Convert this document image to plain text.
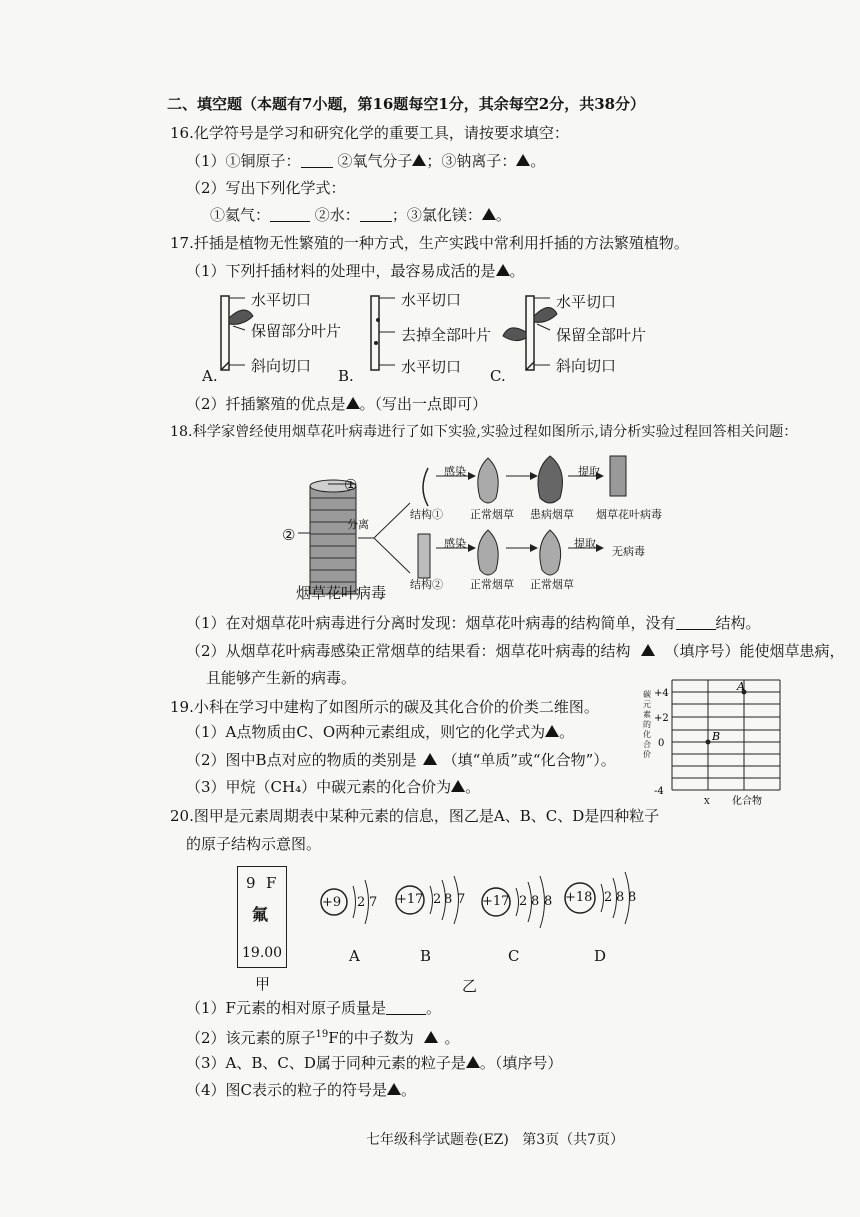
二、填空题（本题有7小题，第16题每空1分，其余每空2分，共38分）
16.化学符号是学习和研究化学的重要工具，请按要求填空：
（1）①铜原子： ②氧气分子 ；③钠离子： 。
（2）写出下列化学式：
①氦气：	②水： ；③氯化镁： 。
17.扦插是植物无性繁殖的一种方式，生产实践中常利用扦插的方法繁殖植物。
（1）下列扦插材料的处理中，最容易成活的是 。
水平切口
保留部分叶片
斜向切口
A.
水平切口
去掉全部叶片
水平切口
B.
水平切口
保留全部叶片
斜向切口
C.
（2）扦插繁殖的优点是 。（写出一点即可）
18.科学家曾经使用烟草花叶病毒进行了如下实验,实验过程如图所示,请分析实验过程回答相关问题：
①
②
烟草花叶病毒
分离
感染
感染
提取
提取
结构① 正常烟草 患病烟草 烟草花叶病毒
结构② 正常烟草 正常烟草
无病毒
（1）在对烟草花叶病毒进行分离时发现：烟草花叶病毒的结构简单，没有	结构。
（2）从烟草花叶病毒感染正常烟草的结果看：烟草花叶病毒的结构 （填序号）能使烟草患病，
且能够产生新的病毒。
19.小科在学习中建构了如图所示的碳及其化合价的价类二维图。
（1）A点物质由C、O两种元素组成，则它的化学式为 。
（2）图中B点对应的物质的类别是 （填“单质”或“化合物”）。
（3）甲烷（CH₄）中碳元素的化合价为 。
A
B
+4
+2
0
-4
X 化合物
碳元素的化合价
20.图甲是元素周期表中某种元素的信息，图乙是A、B、C、D是四种粒子
的原子结构示意图。
9 F
氟
19.00
甲	乙
+9 2 7 +17 2 8 7 +17 2 8 8 +18 2 8 8
A	B	C	D
（1）F元素的相对原子质量是	。
（2）该元素的原子$^{19}$F的中子数为 。
（3）A、B、C、D属于同种元素的粒子是 。（填序号）
（4）图C表示的粒子的符号是 。
七年级科学试题卷(EZ)   第3页（共7页）
